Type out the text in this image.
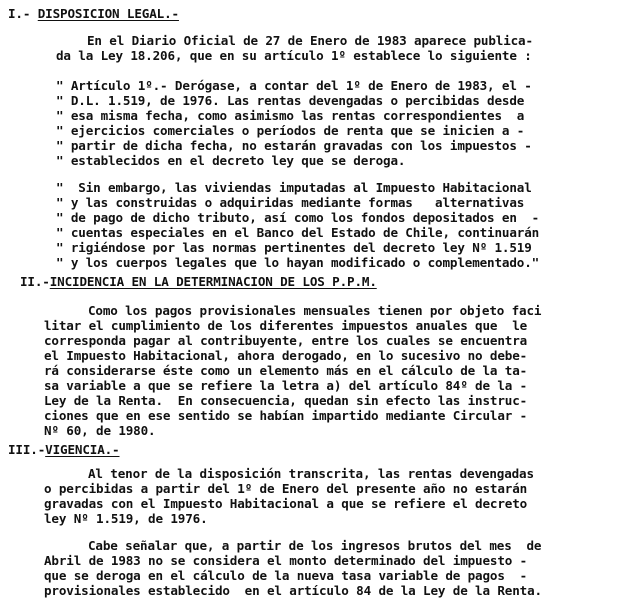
I.- DISPOSICION LEGAL.-
En el Diario Oficial de 27 de Enero de 1983 aparece publica-
da la Ley 18.206, que en su artículo 1º establece lo siguiente :
" Artículo 1º.- Derógase, a contar del 1º de Enero de 1983, el -
" D.L. 1.519, de 1976. Las rentas devengadas o percibidas desde
" esa misma fecha, como asimismo las rentas correspondientes  a
" ejercicios comerciales o períodos de renta que se inicien a -
" partir de dicha fecha, no estarán gravadas con los impuestos -
" establecidos en el decreto ley que se deroga.
"  Sin embargo, las viviendas imputadas al Impuesto Habitacional
" y las construidas o adquiridas mediante formas   alternativas
" de pago de dicho tributo, así como los fondos depositados en  -
" cuentas especiales en el Banco del Estado de Chile, continuarán
" rigiéndose por las normas pertinentes del decreto ley Nº 1.519
" y los cuerpos legales que lo hayan modificado o complementado."
II.-INCIDENCIA EN LA DETERMINACION DE LOS P.P.M.
Como los pagos provisionales mensuales tienen por objeto faci
litar el cumplimiento de los diferentes impuestos anuales que  le
corresponda pagar al contribuyente, entre los cuales se encuentra
el Impuesto Habitacional, ahora derogado, en lo sucesivo no debe-
rá considerarse éste como un elemento más en el cálculo de la ta-
sa variable a que se refiere la letra a) del artículo 84º de la -
Ley de la Renta.  En consecuencia, quedan sin efecto las instruc-
ciones que en ese sentido se habían impartido mediante Circular -
Nº 60, de 1980.
III.-VIGENCIA.-
Al tenor de la disposición transcrita, las rentas devengadas
o percibidas a partir del 1º de Enero del presente año no estarán
gravadas con el Impuesto Habitacional a que se refiere el decreto
ley Nº 1.519, de 1976.
Cabe señalar que, a partir de los ingresos brutos del mes  de
Abril de 1983 no se considera el monto determinado del impuesto -
que se deroga en el cálculo de la nueva tasa variable de pagos  -
provisionales establecido  en el artículo 84 de la Ley de la Renta.
